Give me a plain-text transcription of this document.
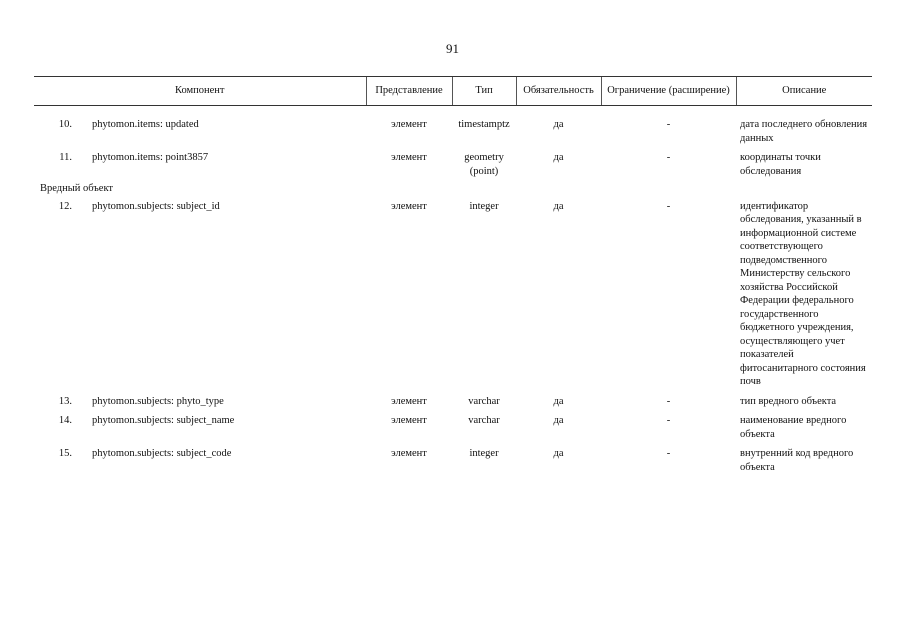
91
Компонент		Представление	Тип	Обязательность	Ограничение (расширение)	Описание

10.	phytomon.items: updated	элемент	timestamptz	да	-	дата последнего обновления данных
11.	phytomon.items: point3857	элемент	geometry (point)	да	-	координаты точки обследования
Вредный объект						
12.	phytomon.subjects: subject_id	элемент	integer	да	-	идентификатор обследования, указанный в информационной системе соответствующего подведомственного Министерству сельского хозяйства Российской Федерации федерального государственного бюджетного учреждения, осуществляющего учет показателей фитосанитарного состояния почв
13.	phytomon.subjects: phyto_type	элемент	varchar	да	-	тип вредного объекта
14.	phytomon.subjects: subject_name	элемент	varchar	да	-	наименование вредного объекта
15.	phytomon.subjects: subject_code	элемент	integer	да	-	внутренний код вредного объекта
